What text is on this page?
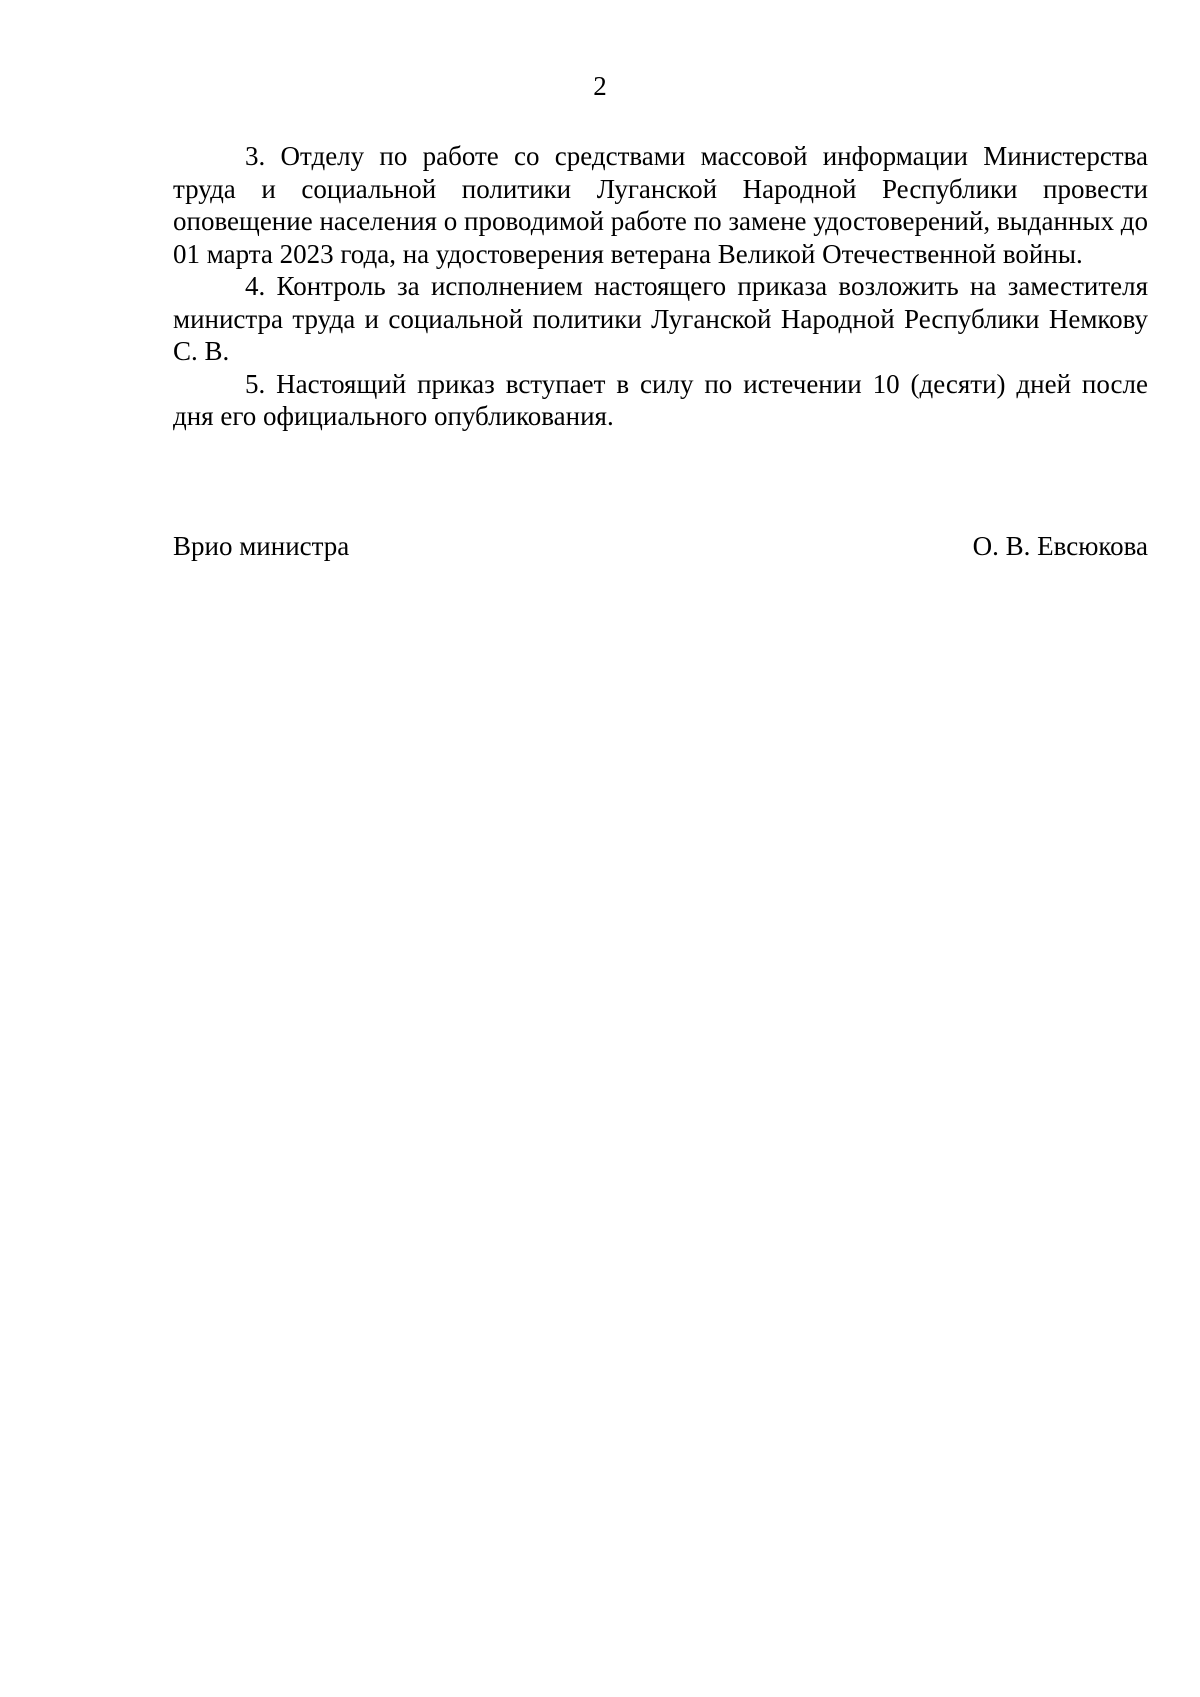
2

3. Отделу по работе со средствами массовой информации Министерства труда и социальной политики Луганской Народной Республики провести оповещение населения о проводимой работе по замене удостоверений, выданных до 01 марта 2023 года, на удостоверения ветерана Великой Отечественной войны.

4. Контроль за исполнением настоящего приказа возложить на заместителя министра труда и социальной политики Луганской Народной Республики Немкову С. В.

5. Настоящий приказ вступает в силу по истечении 10 (десяти) дней после дня его официального опубликования.

Врио министра	О. В. Евсюкова
